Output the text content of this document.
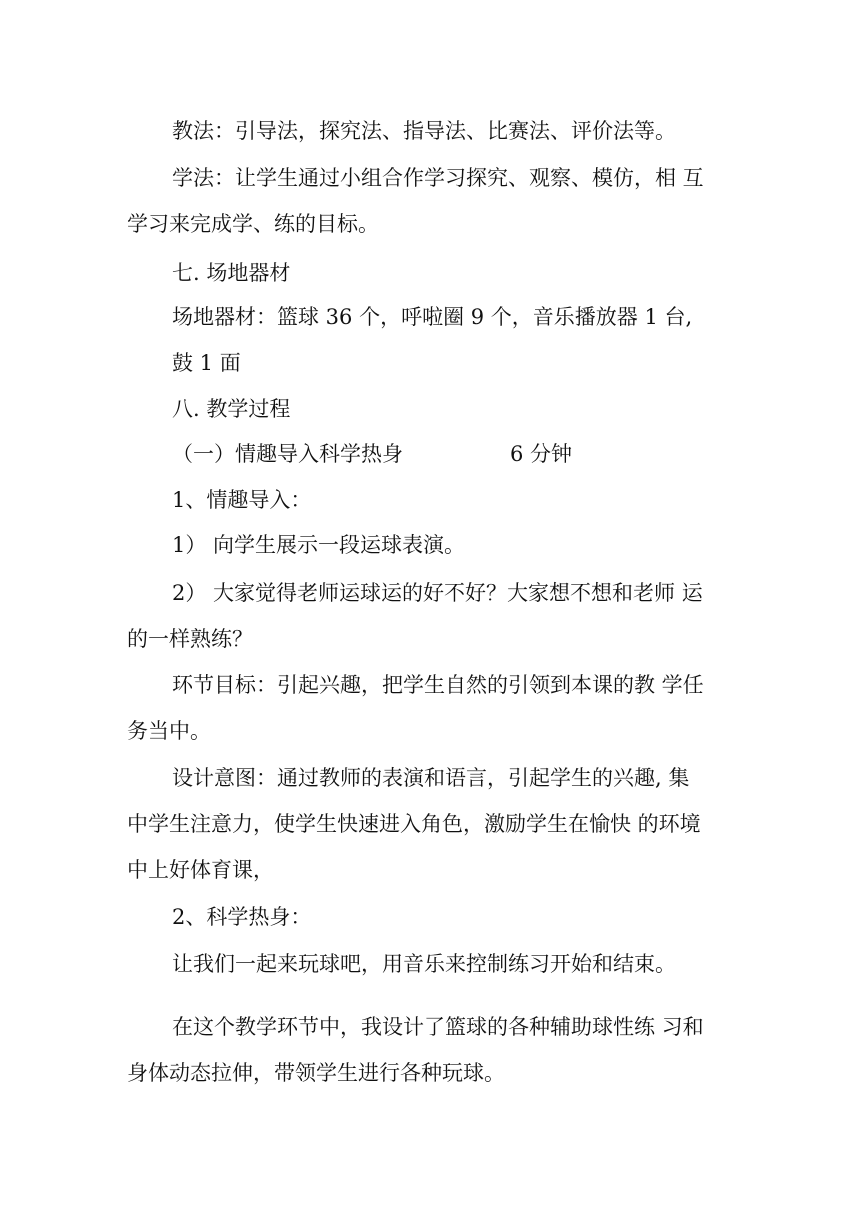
教法：引导法，探究法、指导法、比赛法、评价法等。

学法：让学生通过小组合作学习探究、观察、模仿，相 互

学习来完成学、练的目标。

七. 场地器材

场地器材：篮球 36 个，呼啦圈 9 个，音乐播放器 1 台,

鼓 1 面

八. 教学过程

（一）情趣导入科学热身	6 分钟

1、情趣导入：

1） 向学生展示一段运球表演。

2） 大家觉得老师运球运的好不好？大家想不想和老师 运

的一样熟练？

环节目标：引起兴趣，把学生自然的引领到本课的教 学任

务当中。

设计意图：通过教师的表演和语言，引起学生的兴趣, 集

中学生注意力，使学生快速进入角色，激励学生在愉快 的环境

中上好体育课，

2、科学热身：

让我们一起来玩球吧，用音乐来控制练习开始和结束。

在这个教学环节中，我设计了篮球的各种辅助球性练 习和

身体动态拉伸，带领学生进行各种玩球。
